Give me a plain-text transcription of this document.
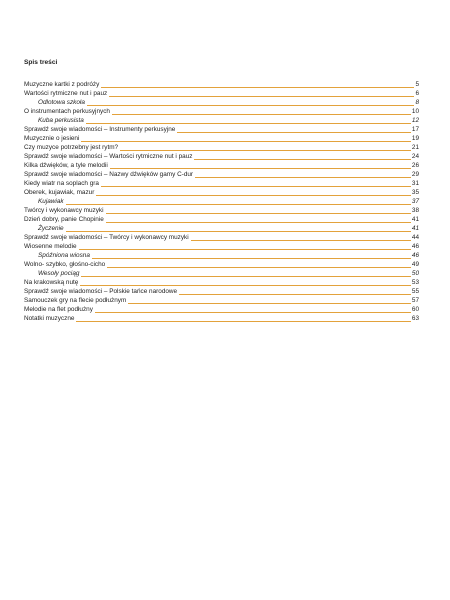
Spis treści
Muzyczne kartki z podróży	5
Wartości rytmiczne nut i pauz	6
Odlotowa szkoła	8
O instrumentach perkusyjnych	10
Kuba perkusista	12
Sprawdź swoje wiadomości – Instrumenty perkusyjne	17
Muzycznie o jesieni	19
Czy muzyce potrzebny jest rytm?	21
Sprawdź swoje wiadomości – Wartości rytmiczne nut i pauz	24
Kilka dźwięków, a tyle melodii	26
Sprawdź swoje wiadomości – Nazwy dźwięków gamy C-dur	29
Kiedy wiatr na soplach gra	31
Oberek, kujawiak, mazur	35
Kujawiak	37
Twórcy i wykonawcy muzyki	38
Dzień dobry, panie Chopinie	41
Życzenie	41
Sprawdź swoje wiadomości – Twórcy i wykonawcy muzyki	44
Wiosenne melodie	46
Spóźniona wiosna	46
Wolno- szybko, głośno-cicho	49
Wesoły pociąg	50
Na krakowską nutę	53
Sprawdź swoje wiadomości – Polskie tańce narodowe	55
Samouczek gry na flecie podłużnym	57
Melodie na flet podłużny	60
Notatki muzyczne	63
